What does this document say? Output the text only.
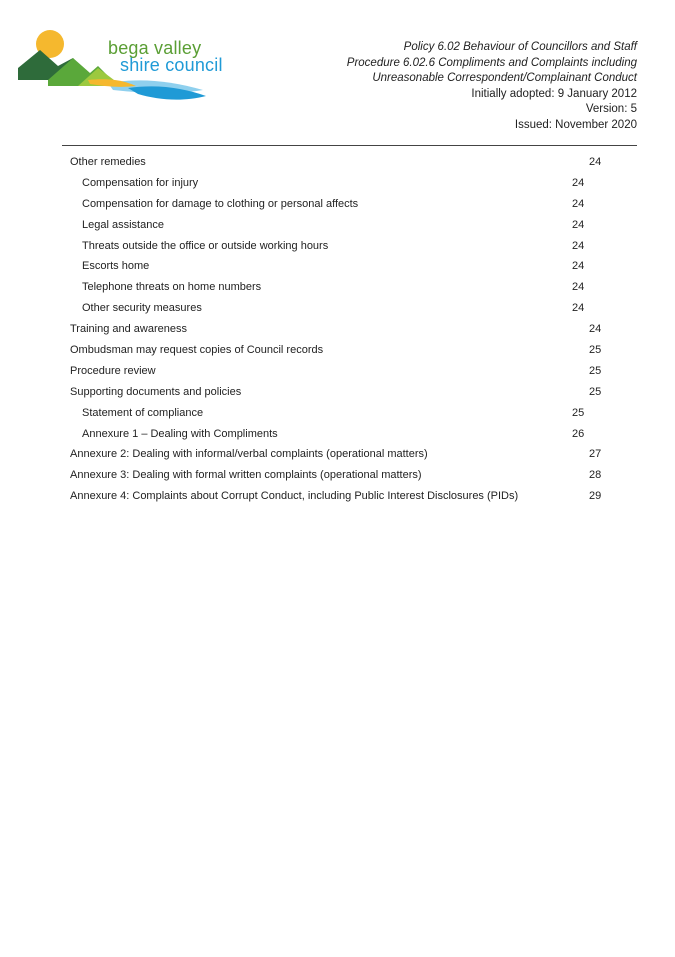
bega valley
shire council
Policy 6.02 Behaviour of Councillors and Staff
Procedure 6.02.6 Compliments and Complaints including
Unreasonable Correspondent/Complainant Conduct
Initially adopted: 9 January 2012
Version: 5
Issued: November 2020
Other remedies	24
Compensation for injury	24
Compensation for damage to clothing or personal affects	24
Legal assistance	24
Threats outside the office or outside working hours	24
Escorts home	24
Telephone threats on home numbers	24
Other security measures	24
Training and awareness	24
Ombudsman may request copies of Council records	25
Procedure review	25
Supporting documents and policies	25
Statement of compliance	25
Annexure 1 – Dealing with Compliments	26
Annexure 2: Dealing with informal/verbal complaints (operational matters)	27
Annexure 3: Dealing with formal written complaints (operational matters)	28
Annexure 4: Complaints about Corrupt Conduct, including Public Interest Disclosures (PIDs)	29
